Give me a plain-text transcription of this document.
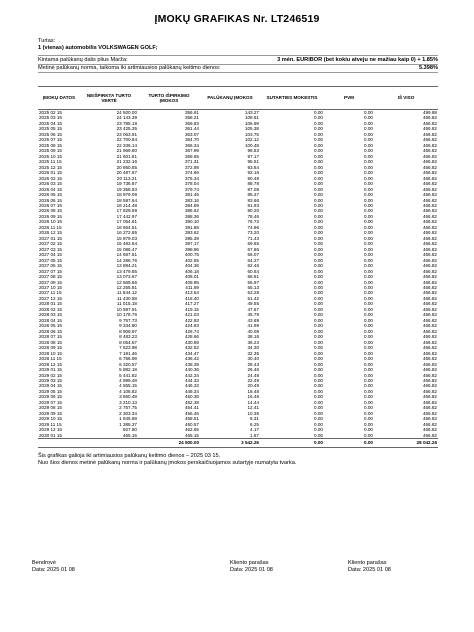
ĮMOKŲ GRAFIKAS Nr. LT246519
Turtas:
1 (vienas) automobilis VOLKSWAGEN GOLF;
Kintama palūkanų dalis plius Marža:	3 mėn. EURIBOR (bet kokiu atveju ne mažiau kaip 0) + 1.85%
Metinė palūkanų norma, taikoma iki artimiausios palūkanų keitimo dienos:	5.398%
ĮMOKŲ DATOS	NEIŠPIRKTA TURTO VERTĖ	TURTO IŠPIRKIMO ĮMOKOS	PALŪKANŲ ĮMOKOS	SUTARTIES MOKESTIS	PVM	IŠ VISO
2025 02 15	24 500.00	356.61	143.27	0.00	0.00	499.88
2025 03 15	24 143.39	358.21	108.61	0.00	0.00	466.82
2025 04 15	23 785.18	359.83	106.99	0.00	0.00	466.82
2025 05 15	23 425.35	361.44	105.38	0.00	0.00	466.82
2025 06 15	23 063.91	363.07	103.75	0.00	0.00	466.82
2025 07 15	22 700.84	364.70	102.12	0.00	0.00	466.82
2025 08 15	22 336.14	366.34	100.48	0.00	0.00	466.82
2025 09 15	21 969.80	367.99	98.83	0.00	0.00	466.82
2025 10 15	21 601.81	369.65	97.17	0.00	0.00	466.82
2025 11 15	21 232.16	371.31	95.51	0.00	0.00	466.82
2025 12 15	20 860.85	372.98	93.84	0.00	0.00	466.82
2026 01 15	20 487.87	374.66	92.16	0.00	0.00	466.82
2026 02 15	20 113.21	376.34	90.48	0.00	0.00	466.82
2026 03 15	19 736.87	378.04	88.78	0.00	0.00	466.82
2026 04 15	19 358.83	379.74	87.08	0.00	0.00	466.82
2026 05 15	18 979.09	381.45	85.37	0.00	0.00	466.82
2026 06 15	18 597.64	383.16	83.66	0.00	0.00	466.82
2026 07 15	18 214.48	384.89	81.93	0.00	0.00	466.82
2026 08 15	17 829.59	386.62	80.20	0.00	0.00	466.82
2026 09 15	17 442.97	388.36	78.46	0.00	0.00	466.82
2026 10 15	17 054.61	390.10	76.72	0.00	0.00	466.82
2026 11 15	16 664.51	391.86	74.96	0.00	0.00	466.82
2026 12 15	16 272.65	393.62	73.20	0.00	0.00	466.82
2027 01 15	15 879.03	395.39	71.43	0.00	0.00	466.82
2027 02 15	15 483.64	397.17	69.65	0.00	0.00	466.82
2027 03 15	15 086.47	398.96	67.86	0.00	0.00	466.82
2027 04 15	14 687.51	400.75	66.07	0.00	0.00	466.82
2027 05 15	14 286.76	402.55	64.27	0.00	0.00	466.82
2027 06 15	13 884.21	404.36	62.46	0.00	0.00	466.82
2027 07 15	13 479.85	406.18	60.64	0.00	0.00	466.82
2027 08 15	13 073.67	408.01	58.81	0.00	0.00	466.82
2027 09 15	12 665.66	409.85	56.97	0.00	0.00	466.82
2027 10 15	12 255.81	411.69	55.13	0.00	0.00	466.82
2027 11 15	11 844.12	413.54	53.28	0.00	0.00	466.82
2027 12 15	11 430.58	415.40	51.42	0.00	0.00	466.82
2028 01 15	11 015.18	417.27	49.55	0.00	0.00	466.82
2028 02 15	10 597.91	419.15	47.67	0.00	0.00	466.82
2028 03 15	10 178.76	421.03	45.79	0.00	0.00	466.82
2028 04 15	9 757.73	422.93	43.89	0.00	0.00	466.82
2028 05 15	9 334.80	424.83	41.99	0.00	0.00	466.82
2028 06 15	8 909.97	426.74	40.08	0.00	0.00	466.82
2028 07 15	8 483.23	428.66	38.16	0.00	0.00	466.82
2028 08 15	8 054.57	430.59	36.23	0.00	0.00	466.82
2028 09 15	7 623.98	432.52	34.30	0.00	0.00	466.82
2028 10 15	7 191.46	434.47	32.35	0.00	0.00	466.82
2028 11 15	6 756.99	436.42	30.40	0.00	0.00	466.82
2028 12 15	6 320.57	438.39	28.43	0.00	0.00	466.82
2029 01 15	5 882.18	440.36	26.46	0.00	0.00	466.82
2029 02 15	5 441.82	442.34	24.48	0.00	0.00	466.82
2029 03 15	4 999.48	444.33	22.49	0.00	0.00	466.82
2029 04 15	4 555.15	446.33	20.49	0.00	0.00	466.82
2029 05 15	4 108.82	448.34	18.48	0.00	0.00	466.82
2029 06 15	3 660.48	450.36	16.46	0.00	0.00	466.82
2029 07 15	3 210.13	452.38	14.44	0.00	0.00	466.82
2029 08 15	2 757.75	454.41	12.41	0.00	0.00	466.82
2029 09 15	2 303.34	456.46	10.36	0.00	0.00	466.82
2029 10 15	1 846.88	458.51	8.31	0.00	0.00	466.82
2029 11 15	1 388.37	460.57	6.25	0.00	0.00	466.82
2029 12 15	927.80	462.65	4.17	0.00	0.00	466.82
2030 01 15	465.15	465.15	1.67	0.00	0.00	466.82
		24 500.00	3 542.26	0.00	0.00	28 042.26
Šis grafikas galioja iki artimiausios palūkanų keitimo dienos – 2025 03 15.
Nuo šios dienos metinė palūkanų norma ir palūkanų įmokos perskaičiuojamos sutartyje numatyta tvarka.
Bendrovė
Data: 2025 01 08
Kliento parašas
Data: 2025 01 08
Kliento parašas
Data: 2025 01 08
